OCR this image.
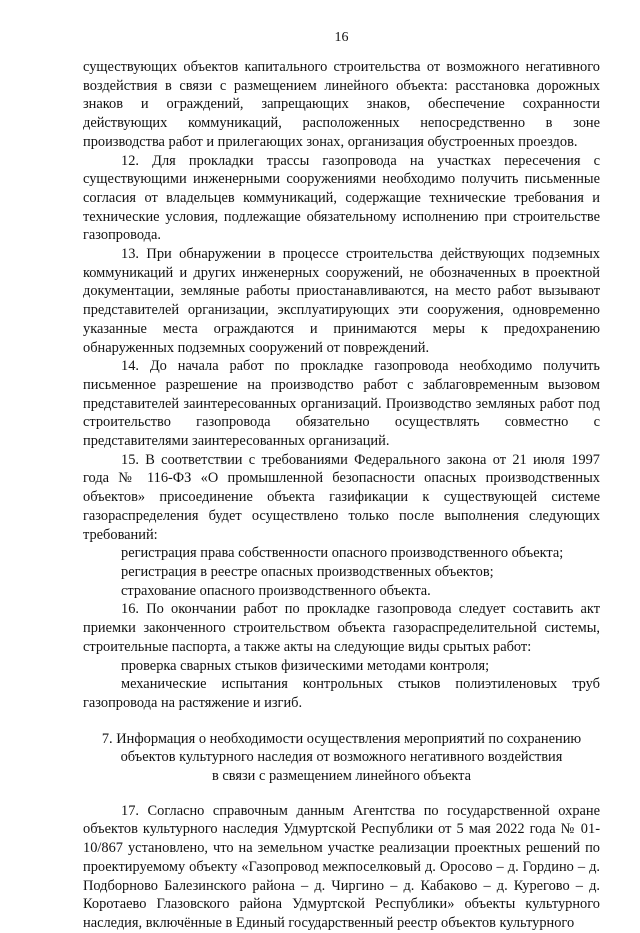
16

существующих объектов капитального строительства от возможного негативного воздействия в связи с размещением линейного объекта: расстановка дорожных знаков и ограждений, запрещающих знаков, обеспечение сохранности действующих коммуникаций, расположенных непосредственно в зоне производства работ и прилегающих зонах, организация обустроенных проездов.

12. Для прокладки трассы газопровода на участках пересечения с существующими инженерными сооружениями необходимо получить письменные согласия от владельцев коммуникаций, содержащие технические требования и технические условия, подлежащие обязательному исполнению при строительстве газопровода.

13. При обнаружении в процессе строительства действующих подземных коммуникаций и других инженерных сооружений, не обозначенных в проектной документации, земляные работы приостанавливаются, на место работ вызывают представителей организации, эксплуатирующих эти сооружения, одновременно указанные места ограждаются и принимаются меры к предохранению обнаруженных подземных сооружений от повреждений.

14. До начала работ по прокладке газопровода необходимо получить письменное разрешение на производство работ с заблаговременным вызовом представителей заинтересованных организаций. Производство земляных работ под строительство газопровода обязательно осуществлять совместно с представителями заинтересованных организаций.

15. В соответствии с требованиями Федерального закона от 21 июля 1997 года № 116-ФЗ «О промышленной безопасности опасных производственных объектов» присоединение объекта газификации к существующей системе газораспределения будет осуществлено только после выполнения следующих требований:

регистрация права собственности опасного производственного объекта;

регистрация в реестре опасных производственных объектов;

страхование опасного производственного объекта.

16. По окончании работ по прокладке газопровода следует составить акт приемки законченного строительством объекта газораспределительной системы, строительные паспорта, а также акты на следующие виды срытых работ:

проверка сварных стыков физическими методами контроля;

механические испытания контрольных стыков полиэтиленовых труб

газопровода на растяжение и изгиб.

7. Информация о необходимости осуществления мероприятий по сохранению
объектов культурного наследия от возможного негативного воздействия
в связи с размещением линейного объекта

17. Согласно справочным данным Агентства по государственной охране объектов культурного наследия Удмуртской Республики от 5 мая 2022 года № 01-10/867 установлено, что на земельном участке реализации проектных решений по проектируемому объекту «Газопровод межпоселковый д. Оросово – д. Гордино – д. Подборново Балезинского района – д. Чиргино – д. Кабаково – д. Курегово – д. Коротаево Глазовского района Удмуртской Республики» объекты культурного наследия, включённые в Единый государственный реестр объектов культурного
